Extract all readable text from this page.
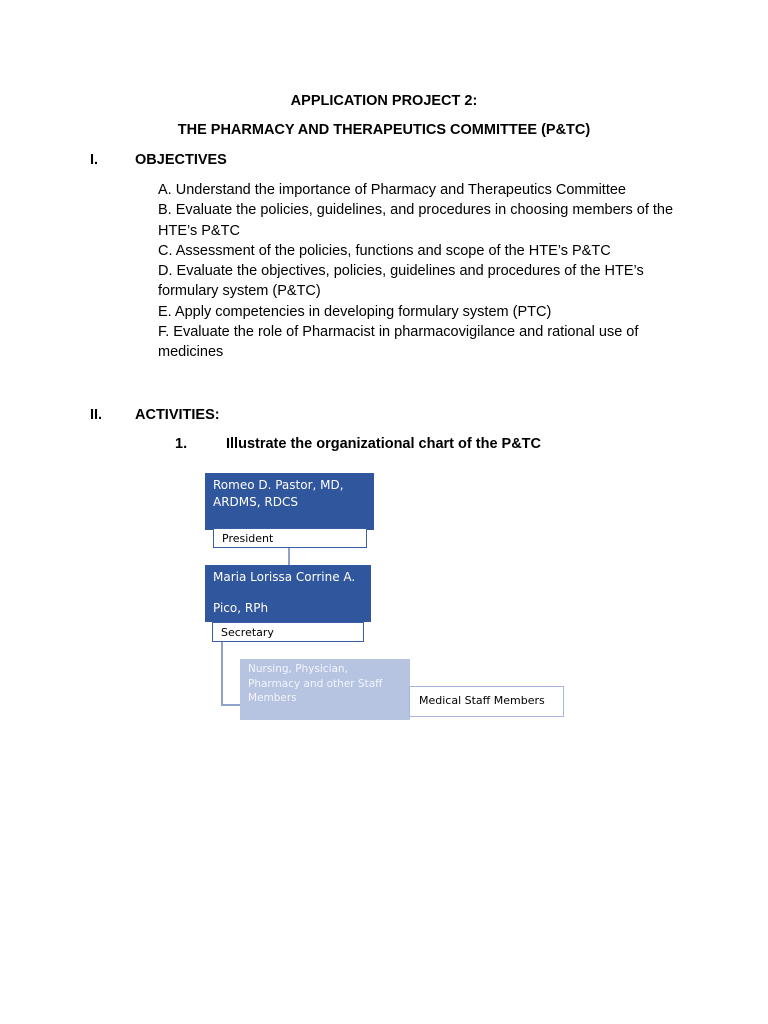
APPLICATION PROJECT 2:
THE PHARMACY AND THERAPEUTICS COMMITTEE (P&TC)
I.	OBJECTIVES

A. Understand the importance of Pharmacy and Therapeutics Committee

B. Evaluate the policies, guidelines, and procedures in choosing members of the HTE’s P&TC

C. Assessment of the policies, functions and scope of the HTE’s P&TC

D. Evaluate the objectives, policies, guidelines and procedures of the HTE’s formulary system (P&TC)

E. Apply competencies in developing formulary system (PTC)

F. Evaluate the role of Pharmacist in pharmacovigilance and rational use of medicines

II. ACTIVITIES:
1.	Illustrate the organizational chart of the P&TC
Romeo D. Pastor, MD, ARDMS, RDCS
President
Maria Lorissa Corrine A.
Pico, RPh
Secretary
Nursing, Physician, Pharmacy and other Staff Members	Medical Staff Members
